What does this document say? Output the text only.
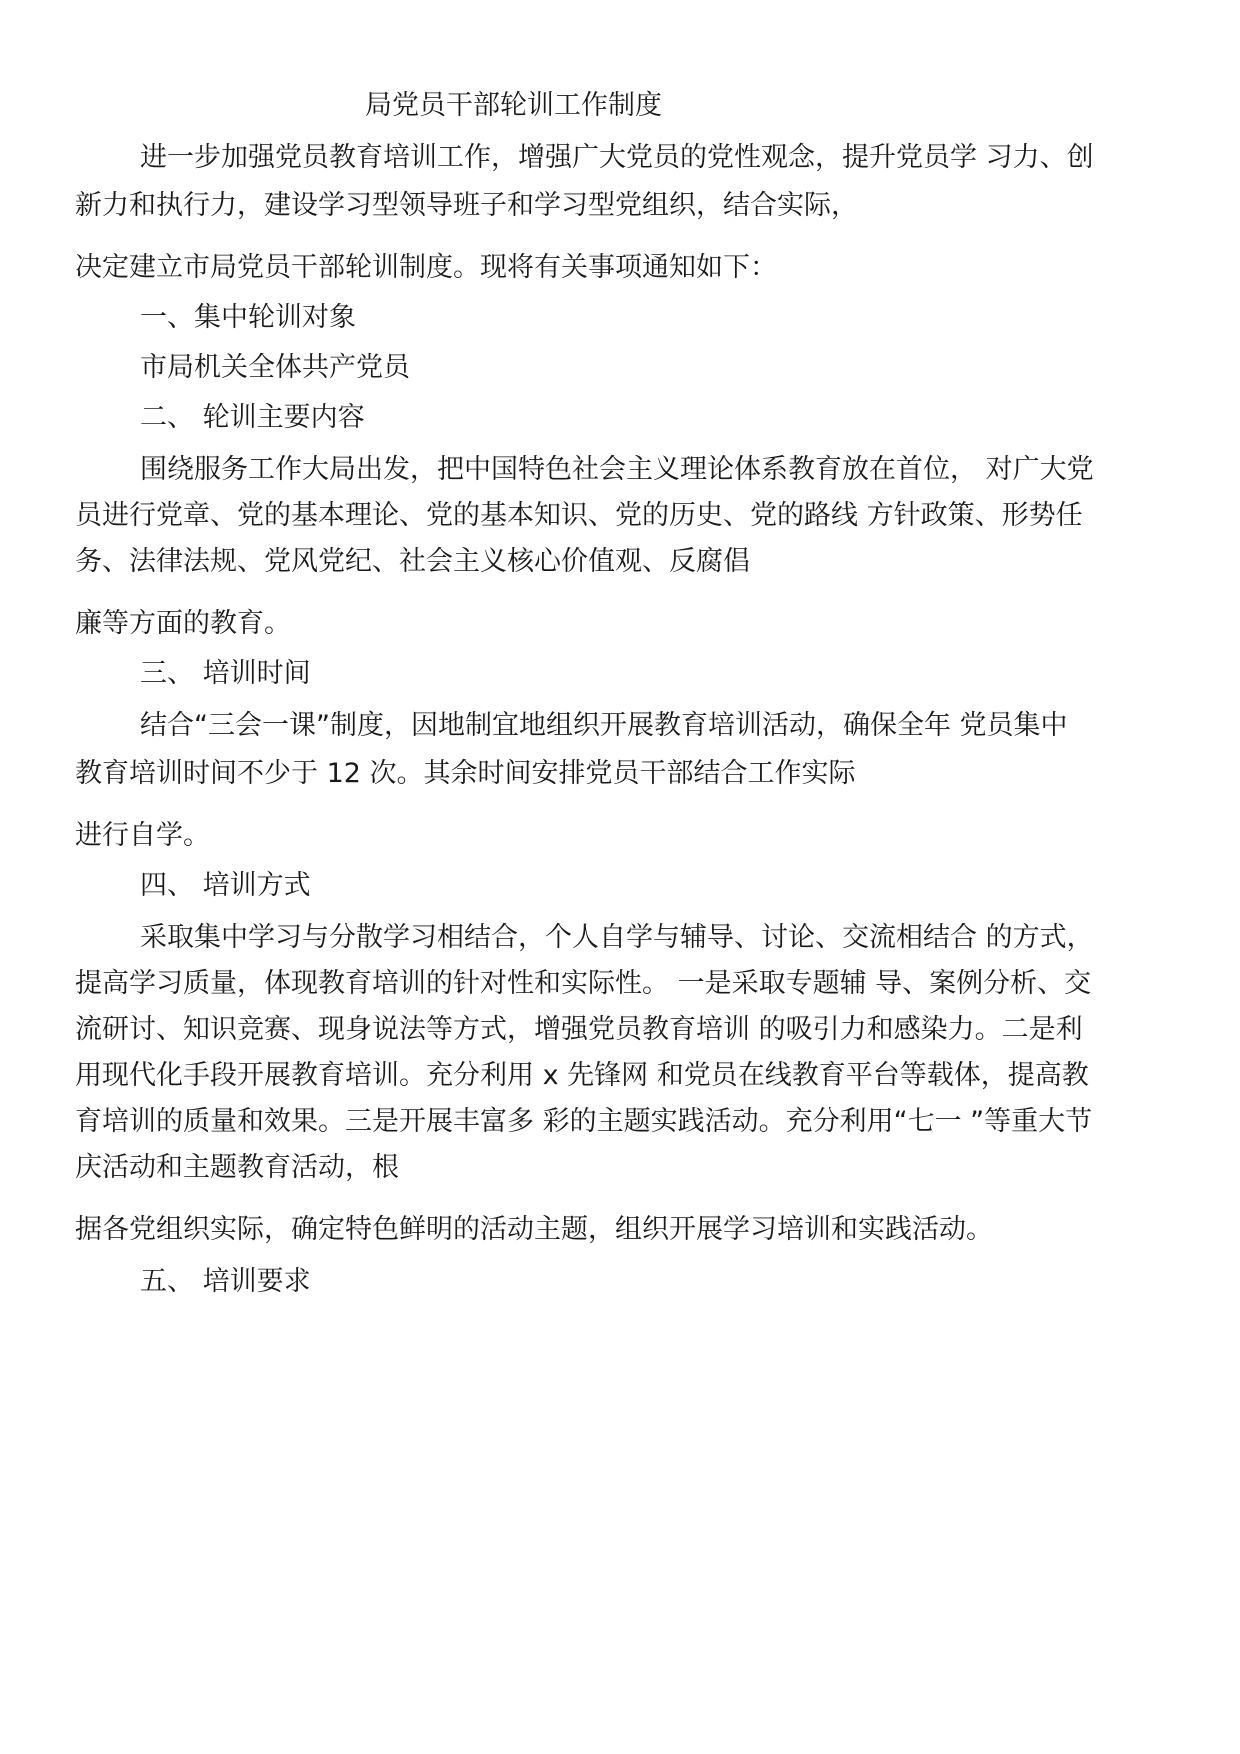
局党员干部轮训工作制度

进一步加强党员教育培训工作，增强广大党员的党性观念，提升党员学 习力、创

新力和执行力，建设学习型领导班子和学习型党组织，结合实际，

决定建立市局党员干部轮训制度。现将有关事项通知如下：

一、集中轮训对象

市局机关全体共产党员

二、 轮训主要内容

围绕服务工作大局出发，把中国特色社会主义理论体系教育放在首位， 对广大党

员进行党章、党的基本理论、党的基本知识、党的历史、党的路线 方针政策、形势任

务、法律法规、党风党纪、社会主义核心价值观、反腐倡

廉等方面的教育。

三、 培训时间

结合“三会一课”制度，因地制宜地组织开展教育培训活动，确保全年 党员集中

教育培训时间不少于 12 次。其余时间安排党员干部结合工作实际

进行自学。

四、 培训方式

采取集中学习与分散学习相结合，个人自学与辅导、讨论、交流相结合 的方式，

提高学习质量，体现教育培训的针对性和实际性。 一是采取专题辅 导、案例分析、交

流研讨、知识竞赛、现身说法等方式，增强党员教育培训 的吸引力和感染力。二是利

用现代化手段开展教育培训。充分利用 x 先锋网 和党员在线教育平台等载体，提高教

育培训的质量和效果。三是开展丰富多 彩的主题实践活动。充分利用“七一 ”等重大节

庆活动和主题教育活动，根

据各党组织实际，确定特色鲜明的活动主题，组织开展学习培训和实践活动。

五、 培训要求
